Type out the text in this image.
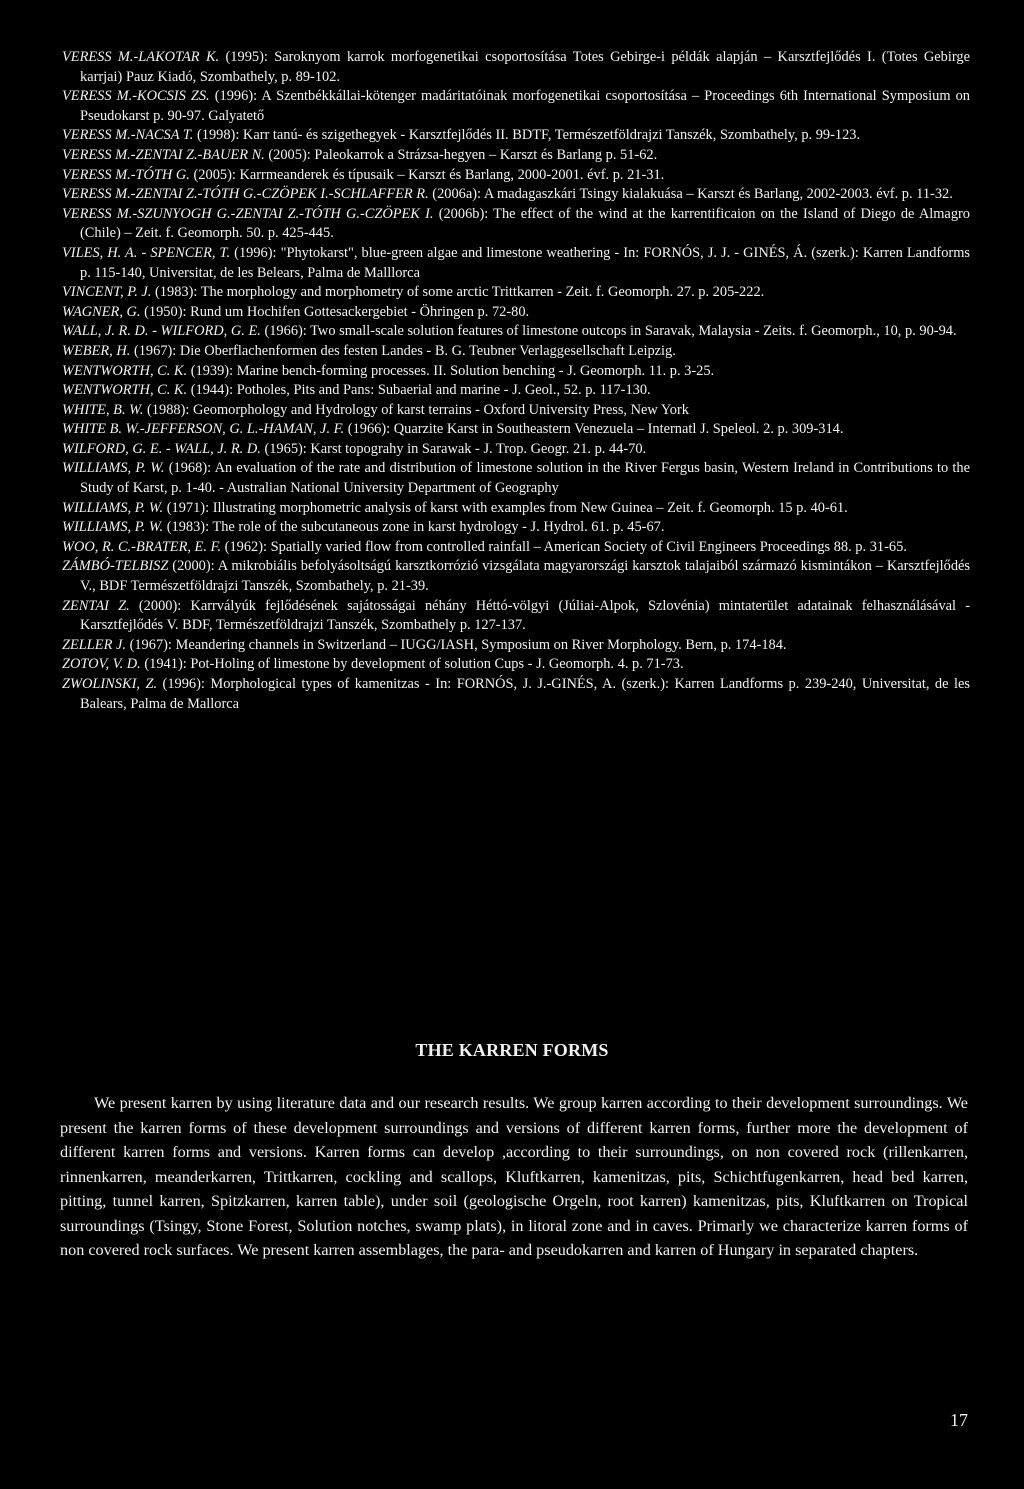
VERESS M.-LAKOTAR K. (1995): Saroknyom karrok morfogenetikai csoportosítása Totes Gebirge-i példák alapján – Karsztfejlődés I. (Totes Gebirge karrjai) Pauz Kiadó, Szombathely, p. 89-102.

VERESS M.-KOCSIS ZS. (1996): A Szentbékkállai-kötenger madáritatóinak morfogenetikai csoportosítása – Proceedings 6th International Symposium on Pseudokarst p. 90-97. Galyatető

VERESS M.-NACSA T. (1998): Karr tanú- és szigethegyek - Karsztfejlődés II. BDTF, Természetföldrajzi Tanszék, Szombathely, p. 99-123.

VERESS M.-ZENTAI Z.-BAUER N. (2005): Paleokarrok a Strázsa-hegyen – Karszt és Barlang p. 51-62.

VERESS M.-TÓTH G. (2005): Karrmeanderek és típusaik – Karszt és Barlang, 2000-2001. évf. p. 21-31.

VERESS M.-ZENTAI Z.-TÓTH G.-CZÖPEK I.-SCHLAFFER R. (2006a): A madagaszkári Tsingy kialakuása – Karszt és Barlang, 2002-2003. évf. p. 11-32.

VERESS M.-SZUNYOGH G.-ZENTAI Z.-TÓTH G.-CZÖPEK I. (2006b): The effect of the wind at the karrentificaion on the Island of Diego de Almagro (Chile) – Zeit. f. Geomorph. 50. p. 425-445.

VILES, H. A. - SPENCER, T. (1996): "Phytokarst", blue-green algae and limestone weathering - In: FORNÓS, J. J. - GINÉS, Á. (szerk.): Karren Landforms p. 115-140, Universitat, de les Belears, Palma de Malllorca

VINCENT, P. J. (1983): The morphology and morphometry of some arctic Trittkarren - Zeit. f. Geomorph. 27. p. 205-222.

WAGNER, G. (1950): Rund um Hochifen Gottesackergebiet - Öhringen p. 72-80.

WALL, J. R. D. - WILFORD, G. E. (1966): Two small-scale solution features of limestone outcops in Saravak, Malaysia - Zeits. f. Geomorph., 10, p. 90-94.

WEBER, H. (1967): Die Oberflachenformen des festen Landes - B. G. Teubner Verlaggesellschaft Leipzig.

WENTWORTH, C. K. (1939): Marine bench-forming processes. II. Solution benching - J. Geomorph. 11. p. 3-25.

WENTWORTH, C. K. (1944): Potholes, Pits and Pans: Subaerial and marine - J. Geol., 52. p. 117-130.

WHITE, B. W. (1988): Geomorphology and Hydrology of karst terrains - Oxford University Press, New York

WHITE B. W.-JEFFERSON, G. L.-HAMAN, J. F. (1966): Quarzite Karst in Southeastern Venezuela – Internatl J. Speleol. 2. p. 309-314.

WILFORD, G. E. - WALL, J. R. D. (1965): Karst topograhy in Sarawak - J. Trop. Geogr. 21. p. 44-70.

WILLIAMS, P. W. (1968): An evaluation of the rate and distribution of limestone solution in the River Fergus basin, Western Ireland in Contributions to the Study of Karst, p. 1-40. - Australian National University Department of Geography

WILLIAMS, P. W. (1971): Illustrating morphometric analysis of karst with examples from New Guinea – Zeit. f. Geomorph. 15 p. 40-61.

WILLIAMS, P. W. (1983): The role of the subcutaneous zone in karst hydrology - J. Hydrol. 61. p. 45-67.

WOO, R. C.-BRATER, E. F. (1962): Spatially varied flow from controlled rainfall – American Society of Civil Engineers Proceedings 88. p. 31-65.

ZÁMBÓ-TELBISZ (2000): A mikrobiális befolyásoltságú karsztkorrózió vizsgálata magyarországi karsztok talajaiból származó kismintákon – Karsztfejlődés V., BDF Természetföldrajzi Tanszék, Szombathely, p. 21-39.

ZENTAI Z. (2000): Karrvályúk fejlődésének sajátosságai néhány Héttó-völgyi (Júliai-Alpok, Szlovénia) mintaterület adatainak felhasználásával - Karsztfejlődés V. BDF, Természetföldrajzi Tanszék, Szombathely p. 127-137.

ZELLER J. (1967): Meandering channels in Switzerland – IUGG/IASH, Symposium on River Morphology. Bern, p. 174-184.

ZOTOV, V. D. (1941): Pot-Holing of limestone by development of solution Cups - J. Geomorph. 4. p. 71-73.

ZWOLINSKI, Z. (1996): Morphological types of kamenitzas - In: FORNÓS, J. J.-GINÉS, A. (szerk.): Karren Landforms p. 239-240, Universitat, de les Balears, Palma de Mallorca

THE KARREN FORMS

We present karren by using literature data and our research results. We group karren according to their development surroundings. We present the karren forms of these development surroundings and versions of different karren forms, further more the development of different karren forms and versions. Karren forms can develop ,according to their surroundings, on non covered rock (rillenkarren, rinnenkarren, meanderkarren, Trittkarren, cockling and scallops, Kluftkarren, kamenitzas, pits, Schichtfugenkarren, head bed karren, pitting, tunnel karren, Spitzkarren, karren table), under soil (geologische Orgeln, root karren) kamenitzas, pits, Kluftkarren on Tropical surroundings (Tsingy, Stone Forest, Solution notches, swamp plats), in litoral zone and in caves. Primarly we characterize karren forms of non covered rock surfaces. We present karren assemblages, the para- and pseudokarren and karren of Hungary in separated chapters.

17
